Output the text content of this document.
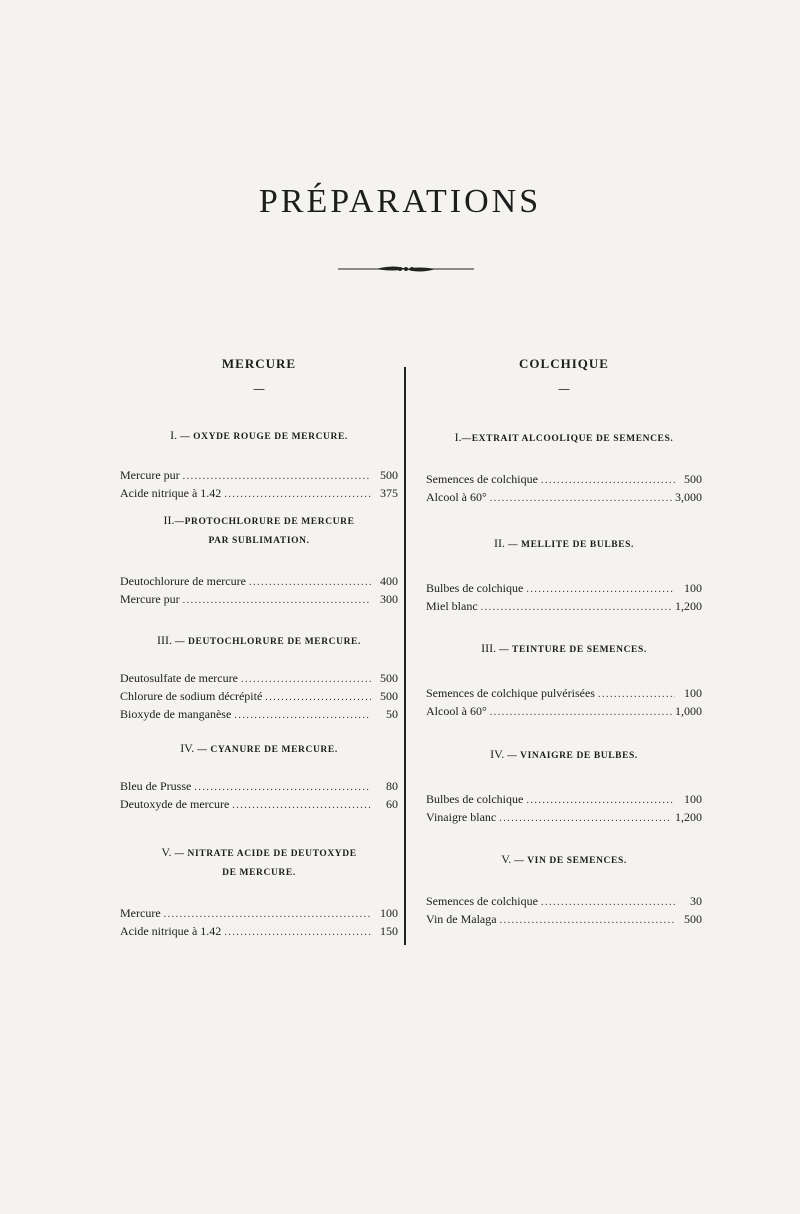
PRÉPARATIONS
MERCURE
—

I. — OXYDE ROUGE DE MERCURE.

Mercure pur .....	500
Acide nitrique à 1.42 .....	375

II.—PROTOCHLORURE DE MERCURE
PAR SUBLIMATION.

Deutochlorure de mercure .....	400
Mercure pur .....	300

III. — DEUTOCHLORURE DE MERCURE.

Deutosulfate de mercure .....	500
Chlorure de sodium décrépité .....	500
Bioxyde de manganèse .....	50

IV. — CYANURE DE MERCURE.

Bleu de Prusse .....	80
Deutoxyde de mercure .....	60

V. — NITRATE ACIDE DE DEUTOXYDE
DE MERCURE.

Mercure .....	100
Acide nitrique à 1.42 .....	150
COLCHIQUE
—

I.—EXTRAIT ALCOOLIQUE DE SEMENCES.

Semences de colchique .....	500
Alcool à 60° .....	3,000

II. — MELLITE DE BULBES.

Bulbes de colchique .....	100
Miel blanc .....	1,200

III. — TEINTURE DE SEMENCES.

Semences de colchique pulvérisées .....	100
Alcool à 60° .....	1,000

IV. — VINAIGRE DE BULBES.

Bulbes de colchique .....	100
Vinaigre blanc .....	1,200

V. — VIN DE SEMENCES.

Semences de colchique .....	30
Vin de Malaga .....	500
